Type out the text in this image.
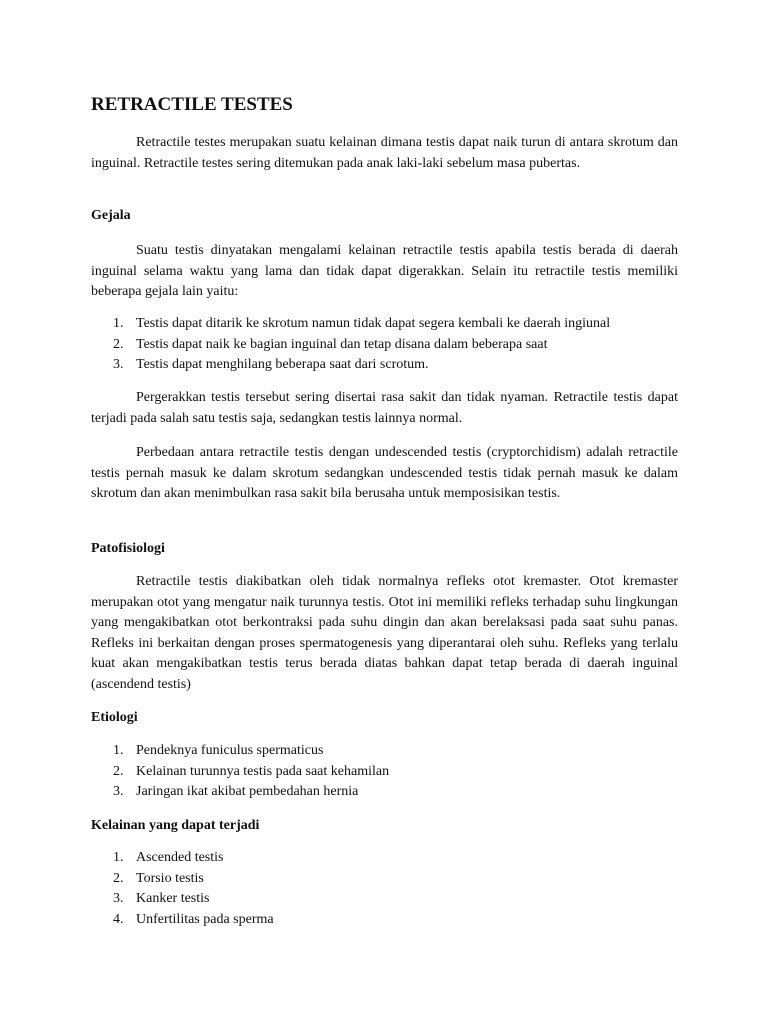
RETRACTILE TESTES

Retractile testes merupakan suatu kelainan dimana testis dapat naik turun di antara skrotum dan inguinal. Retractile testes sering ditemukan pada anak laki-laki sebelum masa pubertas.

Gejala

Suatu testis dinyatakan mengalami kelainan retractile testis apabila testis berada di daerah inguinal selama waktu yang lama dan tidak dapat digerakkan. Selain itu retractile testis memiliki beberapa gejala lain yaitu:

1. Testis dapat ditarik ke skrotum namun tidak dapat segera kembali ke daerah ingiunal
2. Testis dapat naik ke bagian inguinal dan tetap disana dalam beberapa saat
3. Testis dapat menghilang beberapa saat dari scrotum.

Pergerakkan testis tersebut sering disertai rasa sakit dan tidak nyaman. Retractile testis dapat terjadi pada salah satu testis saja, sedangkan testis lainnya normal.

Perbedaan antara retractile testis dengan undescended testis (cryptorchidism) adalah retractile testis pernah masuk ke dalam skrotum sedangkan undescended testis tidak pernah masuk ke dalam skrotum dan akan menimbulkan rasa sakit bila berusaha untuk memposisikan testis.

Patofisiologi

Retractile testis diakibatkan oleh tidak normalnya refleks otot kremaster. Otot kremaster merupakan otot yang mengatur naik turunnya testis. Otot ini memiliki refleks terhadap suhu lingkungan yang mengakibatkan otot berkontraksi pada suhu dingin dan akan berelaksasi pada saat suhu panas. Refleks ini berkaitan dengan proses spermatogenesis yang diperantarai oleh suhu. Refleks yang terlalu kuat akan mengakibatkan testis terus berada diatas bahkan dapat tetap berada di daerah inguinal (ascendend testis)

Etiologi
1. Pendeknya funiculus spermaticus
2. Kelainan turunnya testis pada saat kehamilan
3. Jaringan ikat akibat pembedahan hernia
Kelainan yang dapat terjadi
1. Ascended testis
2. Torsio testis
3. Kanker testis
4. Unfertilitas pada sperma
